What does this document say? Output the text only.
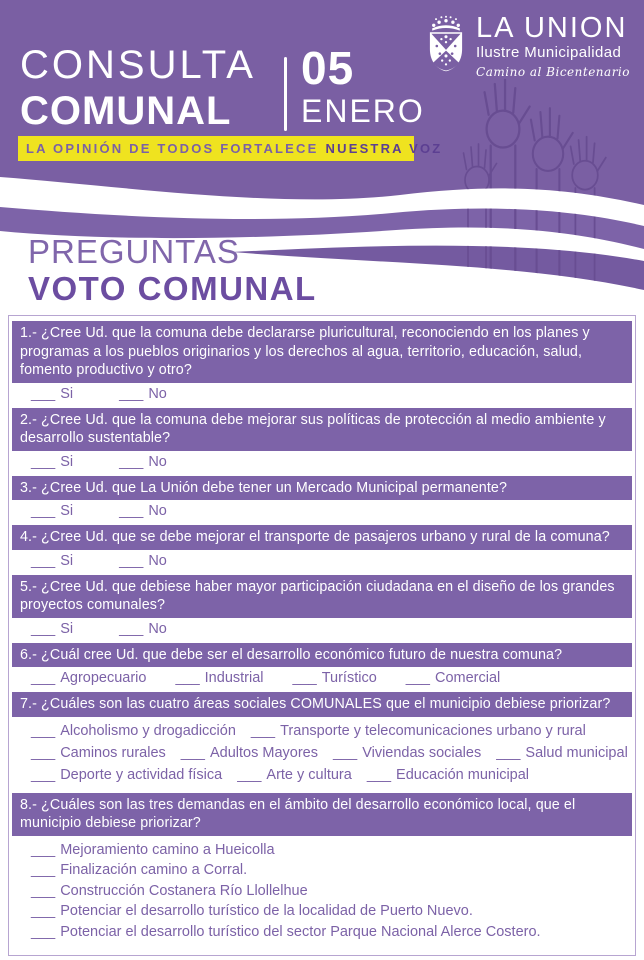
CONSULTA
COMUNAL
05
ENERO
LA OPINIÓN DE TODOS FORTALECE NUESTRA VOZ
LA UNION
Ilustre Municipalidad
Camino al Bicentenario
PREGUNTAS
VOTO COMUNAL
1.- ¿Cree Ud. que la comuna debe declararse pluricultural, reconociendo en los planes y programas a los pueblos originarios y los derechos al agua, territorio, educación, salud, fomento productivo y otro?
___ Si	___ No
2.- ¿Cree Ud. que la comuna debe mejorar sus políticas de protección al medio ambiente y desarrollo sustentable?
___ Si	___ No
3.- ¿Cree Ud. que La Unión debe tener un Mercado Municipal permanente?
___ Si	___ No
4.- ¿Cree Ud. que se debe mejorar el transporte de pasajeros urbano y rural de la comuna?
___ Si	___ No
5.- ¿Cree Ud. que debiese haber mayor participación ciudadana en el diseño de los grandes proyectos comunales?
___ Si	___ No
6.- ¿Cuál cree Ud. que debe ser el desarrollo económico futuro de nuestra comuna?
___ Agropecuario ___ Industrial ___ Turístico ___ Comercial
7.- ¿Cuáles son las cuatro áreas sociales COMUNALES que el municipio debiese priorizar?
___ Alcoholismo y drogadicción ___ Transporte y telecomunicaciones urbano y rural
___ Caminos rurales ___ Adultos Mayores ___ Viviendas sociales ___ Salud municipal
___ Deporte y actividad física ___ Arte y cultura ___ Educación municipal
8.- ¿Cuáles son las tres demandas en el ámbito del desarrollo económico local, que el municipio debiese priorizar?
___ Mejoramiento camino a Hueicolla
___ Finalización camino a Corral.
___ Construcción Costanera Río Llollelhue
___ Potenciar el desarrollo turístico de la localidad de Puerto Nuevo.
___ Potenciar el desarrollo turístico del sector Parque Nacional Alerce Costero.
